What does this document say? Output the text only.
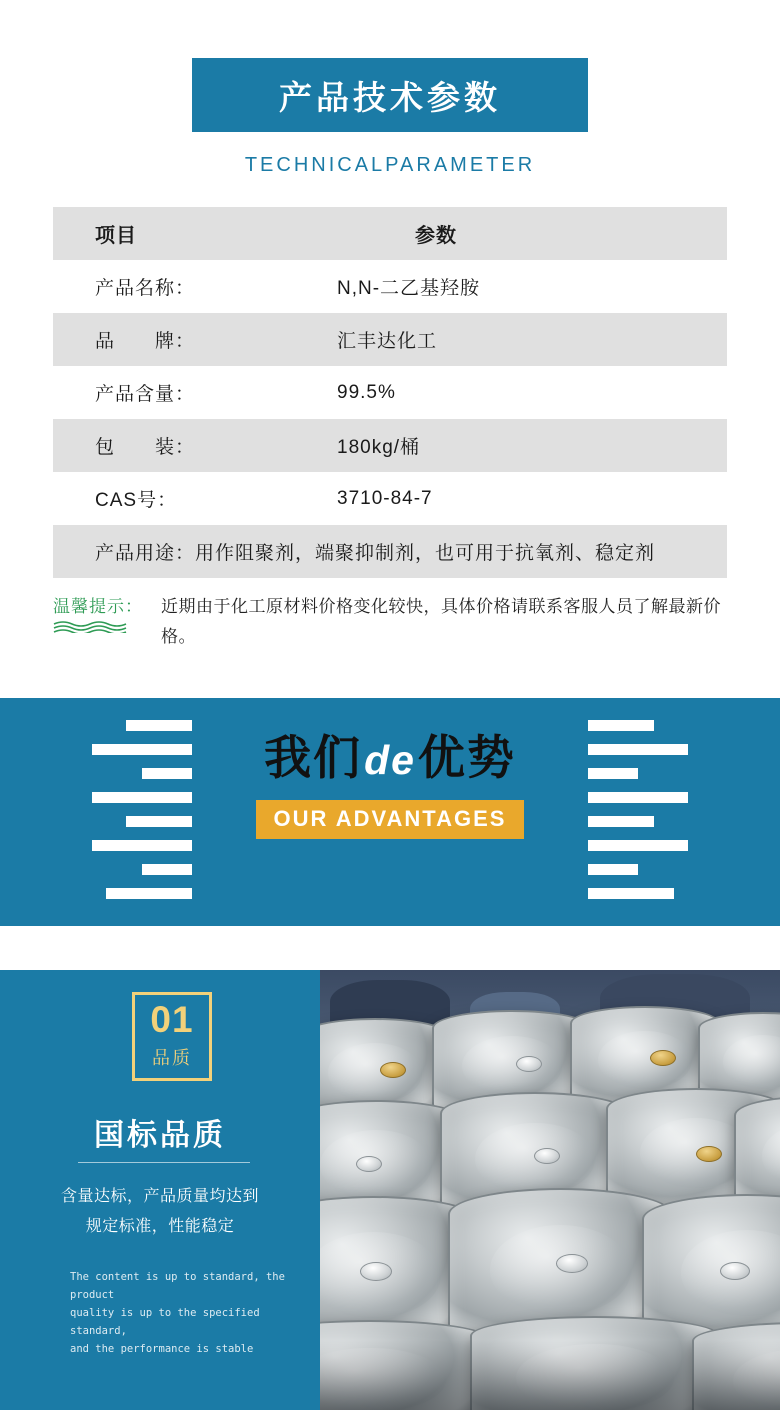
产品技术参数
TECHNICALPARAMETER
项目	参数
产品名称：	N,N-二乙基羟胺
品　　牌：	汇丰达化工
产品含量：	99.5%
包　　装：	180kg/桶
CAS号：	3710-84-7
产品用途：用作阻聚剂，端聚抑制剂，也可用于抗氧剂、稳定剂	
温馨提示：	近期由于化工原材料价格变化较快，具体价格请联系客服人员了解最新价格。
我们de优势
OUR ADVANTAGES
01
品质
国标品质
含量达标，产品质量均达到
规定标准，性能稳定
The content is up to standard, the product
quality is up to the specified standard,
and the performance is stable
